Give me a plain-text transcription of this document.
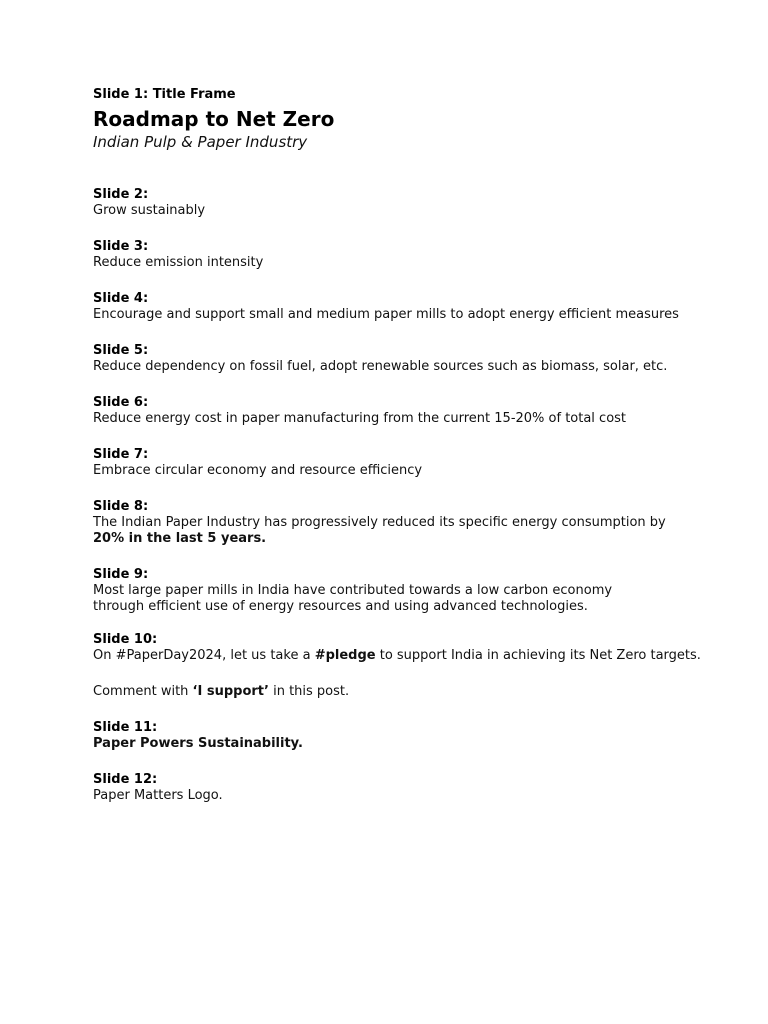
Slide 1: Title Frame

Roadmap to Net Zero

Indian Pulp & Paper Industry

Slide 2:

Grow sustainably

Slide 3:

Reduce emission intensity

Slide 4:

Encourage and support small and medium paper mills to adopt energy efficient measures

Slide 5:

Reduce dependency on fossil fuel, adopt renewable sources such as biomass, solar, etc.

Slide 6:

Reduce energy cost in paper manufacturing from the current 15-20% of total cost

Slide 7:

Embrace circular economy and resource efficiency

Slide 8:

The Indian Paper Industry has progressively reduced its specific energy consumption by

20% in the last 5 years.

Slide 9:

Most large paper mills in India have contributed towards a low carbon economy through efficient use of energy resources and using advanced technologies.

Slide 10:

On #PaperDay2024, let us take a #pledge to support India in achieving its Net Zero targets.

Comment with ‘I support’ in this post.

Slide 11:

Paper Powers Sustainability.

Slide 12:

Paper Matters Logo.
